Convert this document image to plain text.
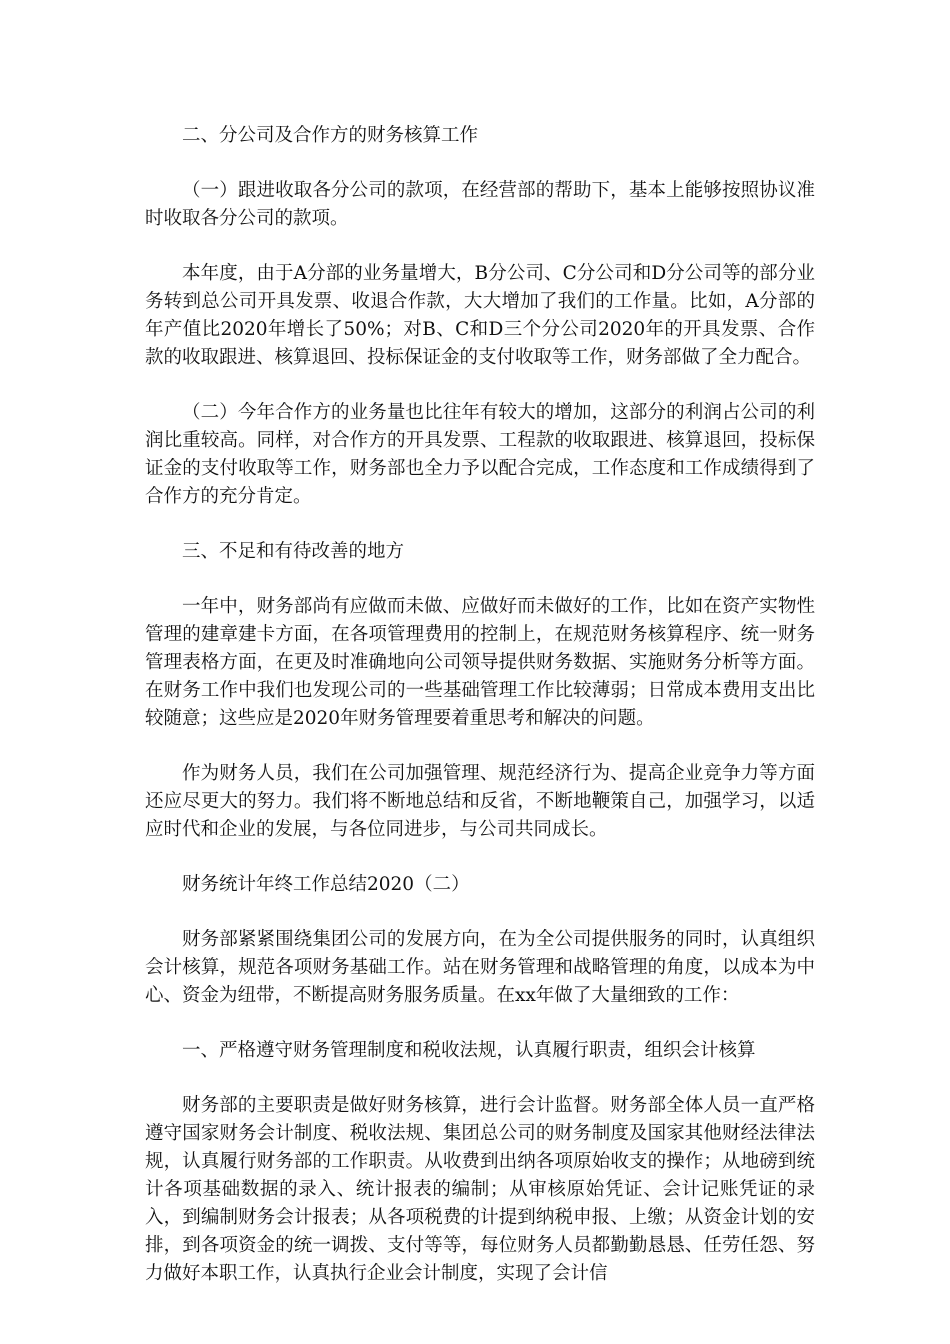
二、分公司及合作方的财务核算工作

（一）跟进收取各分公司的款项，在经营部的帮助下，基本上能够按照协议准时收取各分公司的款项。

本年度，由于A分部的业务量增大，B分公司、C分公司和D分公司等的部分业务转到总公司开具发票、收退合作款，大大增加了我们的工作量。比如，A分部的年产值比2020年增长了50%；对B、C和D三个分公司2020年的开具发票、合作款的收取跟进、核算退回、投标保证金的支付收取等工作，财务部做了全力配合。

（二）今年合作方的业务量也比往年有较大的增加，这部分的利润占公司的利润比重较高。同样，对合作方的开具发票、工程款的收取跟进、核算退回，投标保证金的支付收取等工作，财务部也全力予以配合完成，工作态度和工作成绩得到了合作方的充分肯定。

三、不足和有待改善的地方

一年中，财务部尚有应做而未做、应做好而未做好的工作，比如在资产实物性管理的建章建卡方面，在各项管理费用的控制上，在规范财务核算程序、统一财务管理表格方面，在更及时准确地向公司领导提供财务数据、实施财务分析等方面。在财务工作中我们也发现公司的一些基础管理工作比较薄弱；日常成本费用支出比较随意；这些应是2020年财务管理要着重思考和解决的问题。

作为财务人员，我们在公司加强管理、规范经济行为、提高企业竞争力等方面还应尽更大的努力。我们将不断地总结和反省，不断地鞭策自己，加强学习，以适应时代和企业的发展，与各位同进步，与公司共同成长。

财务统计年终工作总结2020（二）

财务部紧紧围绕集团公司的发展方向，在为全公司提供服务的同时，认真组织会计核算，规范各项财务基础工作。站在财务管理和战略管理的角度，以成本为中心、资金为纽带，不断提高财务服务质量。在xx年做了大量细致的工作：

一、严格遵守财务管理制度和税收法规，认真履行职责，组织会计核算

财务部的主要职责是做好财务核算，进行会计监督。财务部全体人员一直严格遵守国家财务会计制度、税收法规、集团总公司的财务制度及国家其他财经法律法规，认真履行财务部的工作职责。从收费到出纳各项原始收支的操作；从地磅到统计各项基础数据的录入、统计报表的编制；从审核原始凭证、会计记账凭证的录入，到编制财务会计报表；从各项税费的计提到纳税申报、上缴；从资金计划的安排，到各项资金的统一调拨、支付等等，每位财务人员都勤勤恳恳、任劳任怨、努力做好本职工作，认真执行企业会计制度，实现了会计信
